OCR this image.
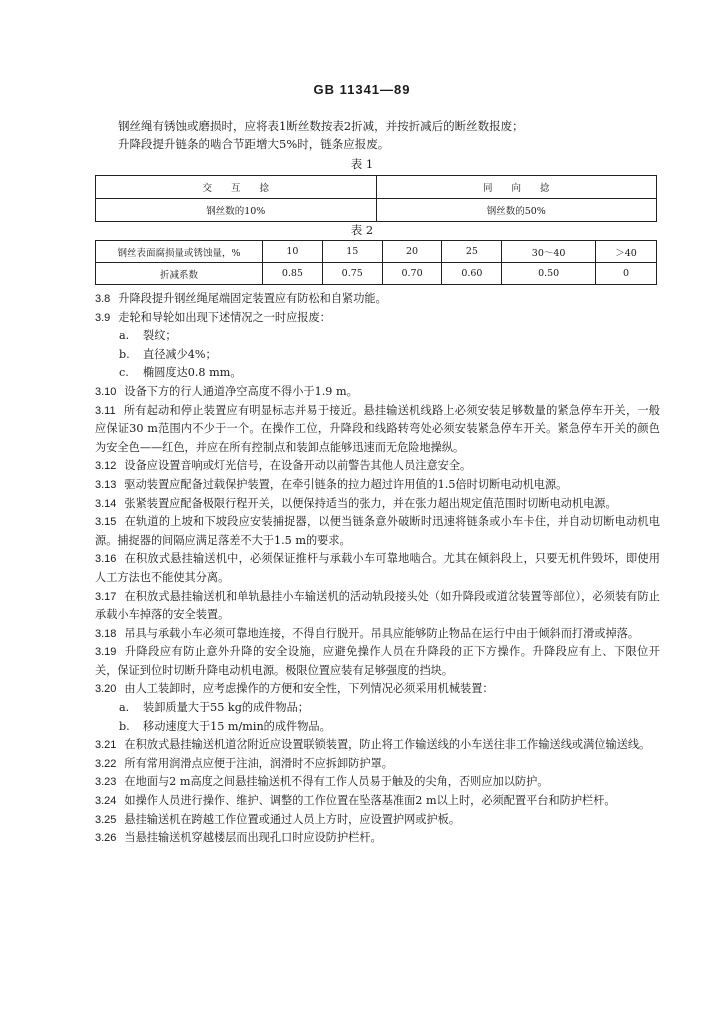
GB 11341—89
钢丝绳有锈蚀或磨损时，应将表1断丝数按表2折减，并按折减后的断丝数报废；
升降段提升链条的啮合节距增大5%时，链条应报废。
表 1
交　　互　　捻	同　　向　　捻
钢丝数的10%	钢丝数的50%
表 2
钢丝表面腐损量或锈蚀量，%	10	15	20	25	30～40	＞40
折减系数	0.85	0.75	0.70	0.60	0.50	0
3.8 升降段提升钢丝绳尾端固定装置应有防松和自紧功能。
3.9 走轮和导轮如出现下述情况之一时应报废：
a. 裂纹；
b. 直径减少4%；
c. 椭圆度达0.8 mm。
3.10 设备下方的行人通道净空高度不得小于1.9 m。
3.11 所有起动和停止装置应有明显标志并易于接近。悬挂输送机线路上必须安装足够数量的紧急停车开关，一般应保证30 m范围内不少于一个。在操作工位，升降段和线路转弯处必须安装紧急停车开关。紧急停车开关的颜色为安全色——红色，并应在所有控制点和装卸点能够迅速而无危险地操纵。
3.12 设备应设置音响或灯光信号，在设备开动以前警告其他人员注意安全。
3.13 驱动装置应配备过载保护装置，在牵引链条的拉力超过许用值的1.5倍时切断电动机电源。
3.14 张紧装置应配备极限行程开关，以便保持适当的张力，并在张力超出规定值范围时切断电动机电源。
3.15 在轨道的上坡和下坡段应安装捕捉器，以便当链条意外破断时迅速将链条或小车卡住，并自动切断电动机电源。捕捉器的间隔应满足落差不大于1.5 m的要求。
3.16 在积放式悬挂输送机中，必须保证推杆与承载小车可靠地啮合。尤其在倾斜段上，只要无机件毁坏，即使用人工方法也不能使其分离。
3.17 在积放式悬挂输送机和单轨悬挂小车输送机的活动轨段接头处（如升降段或道岔装置等部位），必须装有防止承载小车掉落的安全装置。
3.18 吊具与承载小车必须可靠地连接，不得自行脱开。吊具应能够防止物品在运行中由于倾斜而打滑或掉落。
3.19 升降段应有防止意外升降的安全设施，应避免操作人员在升降段的正下方操作。升降段应有上、下限位开关，保证到位时切断升降电动机电源。极限位置应装有足够强度的挡块。
3.20 由人工装卸时，应考虑操作的方便和安全性，下列情况必须采用机械装置：
a. 装卸质量大于55 kg的成件物品；
b. 移动速度大于15 m/min的成件物品。
3.21 在积放式悬挂输送机道岔附近应设置联锁装置，防止将工作输送线的小车送往非工作输送线或满位输送线。
3.22 所有常用润滑点应便于注油，润滑时不应拆卸防护罩。
3.23 在地面与2 m高度之间悬挂输送机不得有工作人员易于触及的尖角，否则应加以防护。
3.24 如操作人员进行操作、维护、调整的工作位置在坠落基准面2 m以上时，必须配置平台和防护栏杆。
3.25 悬挂输送机在跨越工作位置或通过人员上方时，应设置护网或护板。
3.26 当悬挂输送机穿越楼层而出现孔口时应设防护栏杆。
